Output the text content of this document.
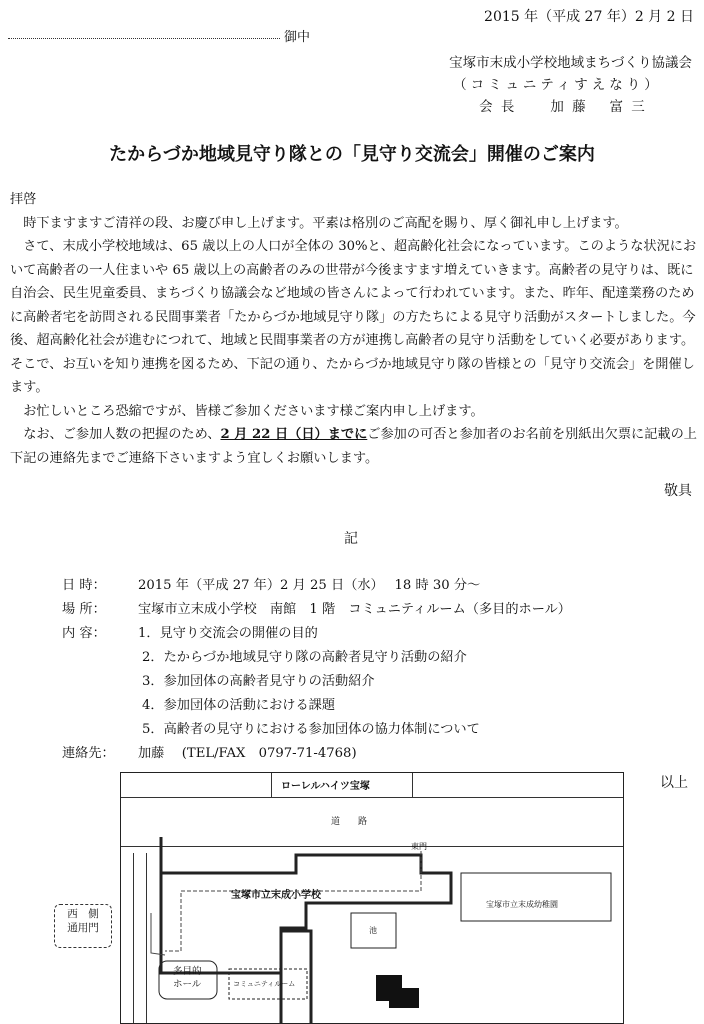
2015 年（平成 27 年）2 月 2 日
御中
宝塚市末成小学校地域まちづくり協議会
（コミュニティすえなり）
会 長	加 藤　 富 三
たからづか地域見守り隊との「見守り交流会」開催のご案内

拝啓

時下ますますご清祥の段、お慶び申し上げます。平素は格別のご高配を賜り、厚く御礼申し上げます。

さて、末成小学校地域は、65 歳以上の人口が全体の 30%と、超高齢化社会になっています。このような状況において高齢者の一人住まいや 65 歳以上の高齢者のみの世帯が今後ますます増えていきます。高齢者の見守りは、既に自治会、民生児童委員、まちづくり協議会など地域の皆さんによって行われています。また、昨年、配達業務のために高齢者宅を訪問される民間事業者「たからづか地域見守り隊」の方たちによる見守り活動がスタートしました。今後、超高齢化社会が進むにつれて、地域と民間事業者の方が連携し高齢者の見守り活動をしていく必要があります。そこで、お互いを知り連携を図るため、下記の通り、たからづか地域見守り隊の皆様との「見守り交流会」を開催します。

お忙しいところ恐縮ですが、皆様ご参加くださいます様ご案内申し上げます。

なお、ご参加人数の把握のため、2 月 22 日（日）までにご参加の可否と参加者のお名前を別紙出欠票に記載の上下記の連絡先までご連絡下さいますよう宜しくお願いします。

敬具
記
日 時：	2015 年（平成 27 年）2 月 25 日（水）　 18 時 30 分～
場 所：	宝塚市立末成小学校　南館　1 階　コミュニティルーム（多目的ホール）
内 容：	1．見守り交流会の開催の目的
2．たからづか地域見守り隊の高齢者見守り活動の紹介
3．参加団体の高齢者見守りの活動紹介
4．参加団体の活動における課題
5．高齢者の見守りにおける参加団体の協力体制について
連絡先：	加藤　 (TEL/FAX　0797-71-4768)
以上
ローレルハイツ宝塚
道　　路
宝塚市立末成小学校
宝塚市立末成幼稚園
池
東門
多目的
ホール	コミュニティルーム
西　側
通用門
